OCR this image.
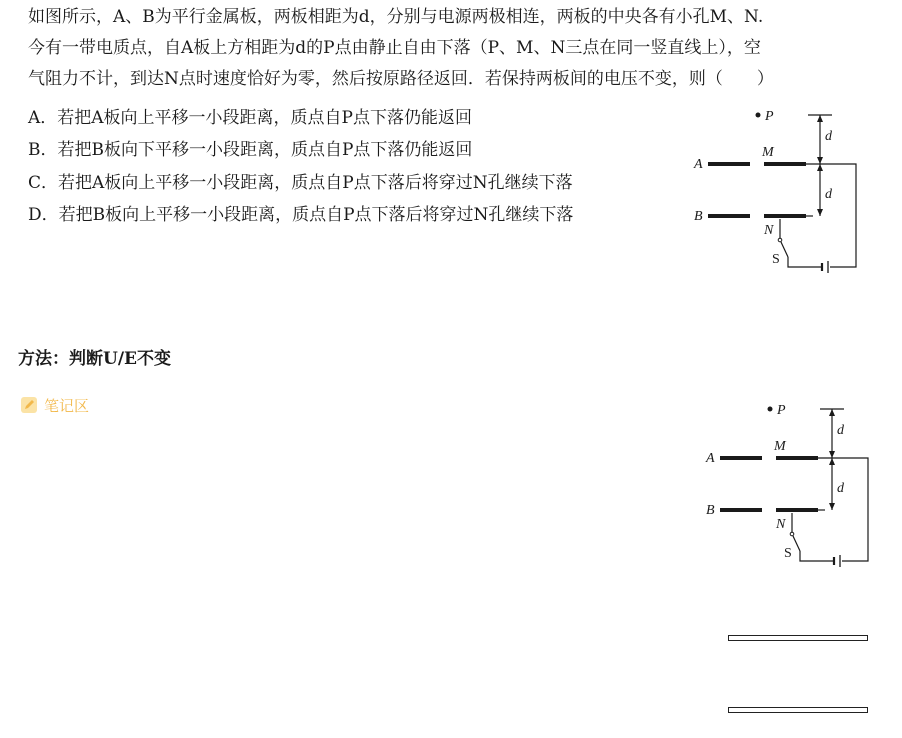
如图所示，A、B为平行金属板，两板相距为d，分别与电源两极相连，两板的中央各有小孔M、N.
今有一带电质点，自A板上方相距为d的P点由静止自由下落（P、M、N三点在同一竖直线上），空
气阻力不计，到达N点时速度恰好为零，然后按原路径返回．若保持两板间的电压不变，则（　　）
A．若把A板向上平移一小段距离，质点自P点下落仍能返回
B．若把B板向下平移一小段距离，质点自P点下落仍能返回
C．若把A板向上平移一小段距离，质点自P点下落后将穿过N孔继续下落
D．若把B板向上平移一小段距离，质点自P点下落后将穿过N孔继续下落
P
d
d
A
M
B
N
S
方法：判断U/E不变
笔记区	P
d
d
A
M
B
N
S
